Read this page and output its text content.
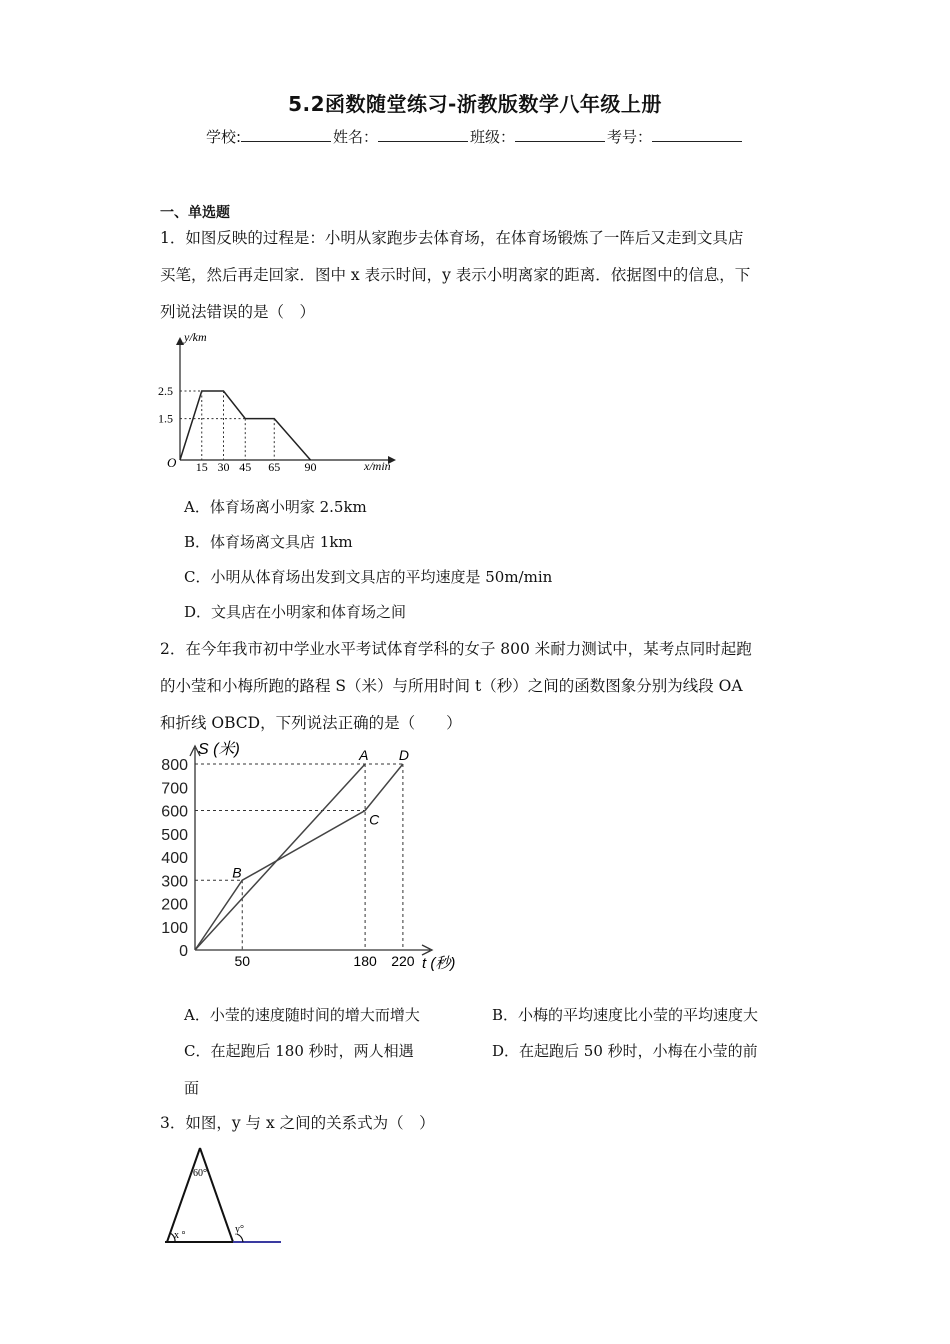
5.2函数随堂练习-浙教版数学八年级上册
学校:	姓名：	班级：	考号：
一、单选题
1．如图反映的过程是：小明从家跑步去体育场，在体育场锻炼了一阵后又走到文具店
买笔，然后再走回家．图中 x 表示时间，y 表示小明离家的距离．依据图中的信息，下
列说法错误的是（　）
y/km
x/min
O
1.5
2.5
15 30 45 65 90
A．体育场离小明家 2.5km
B．体育场离文具店 1km
C．小明从体育场出发到文具店的平均速度是 50m/min
D．文具店在小明家和体育场之间
2．在今年我市初中学业水平考试体育学科的女子 800 米耐力测试中，某考点同时起跑
的小莹和小梅所跑的路程 S（米）与所用时间 t（秒）之间的函数图象分别为线段 OA
和折线 OBCD，下列说法正确的是（　　）
S (米)
t (秒)
0
100
200
300
400
500
600
700
800
50	180 220
A
B
C
D
A．小莹的速度随时间的增大而增大	B．小梅的平均速度比小莹的平均速度大
C．在起跑后 180 秒时，两人相遇	D．在起跑后 50 秒时，小梅在小莹的前
面
3．如图，y 与 x 之间的关系式为（　）
60°
x °
y°
